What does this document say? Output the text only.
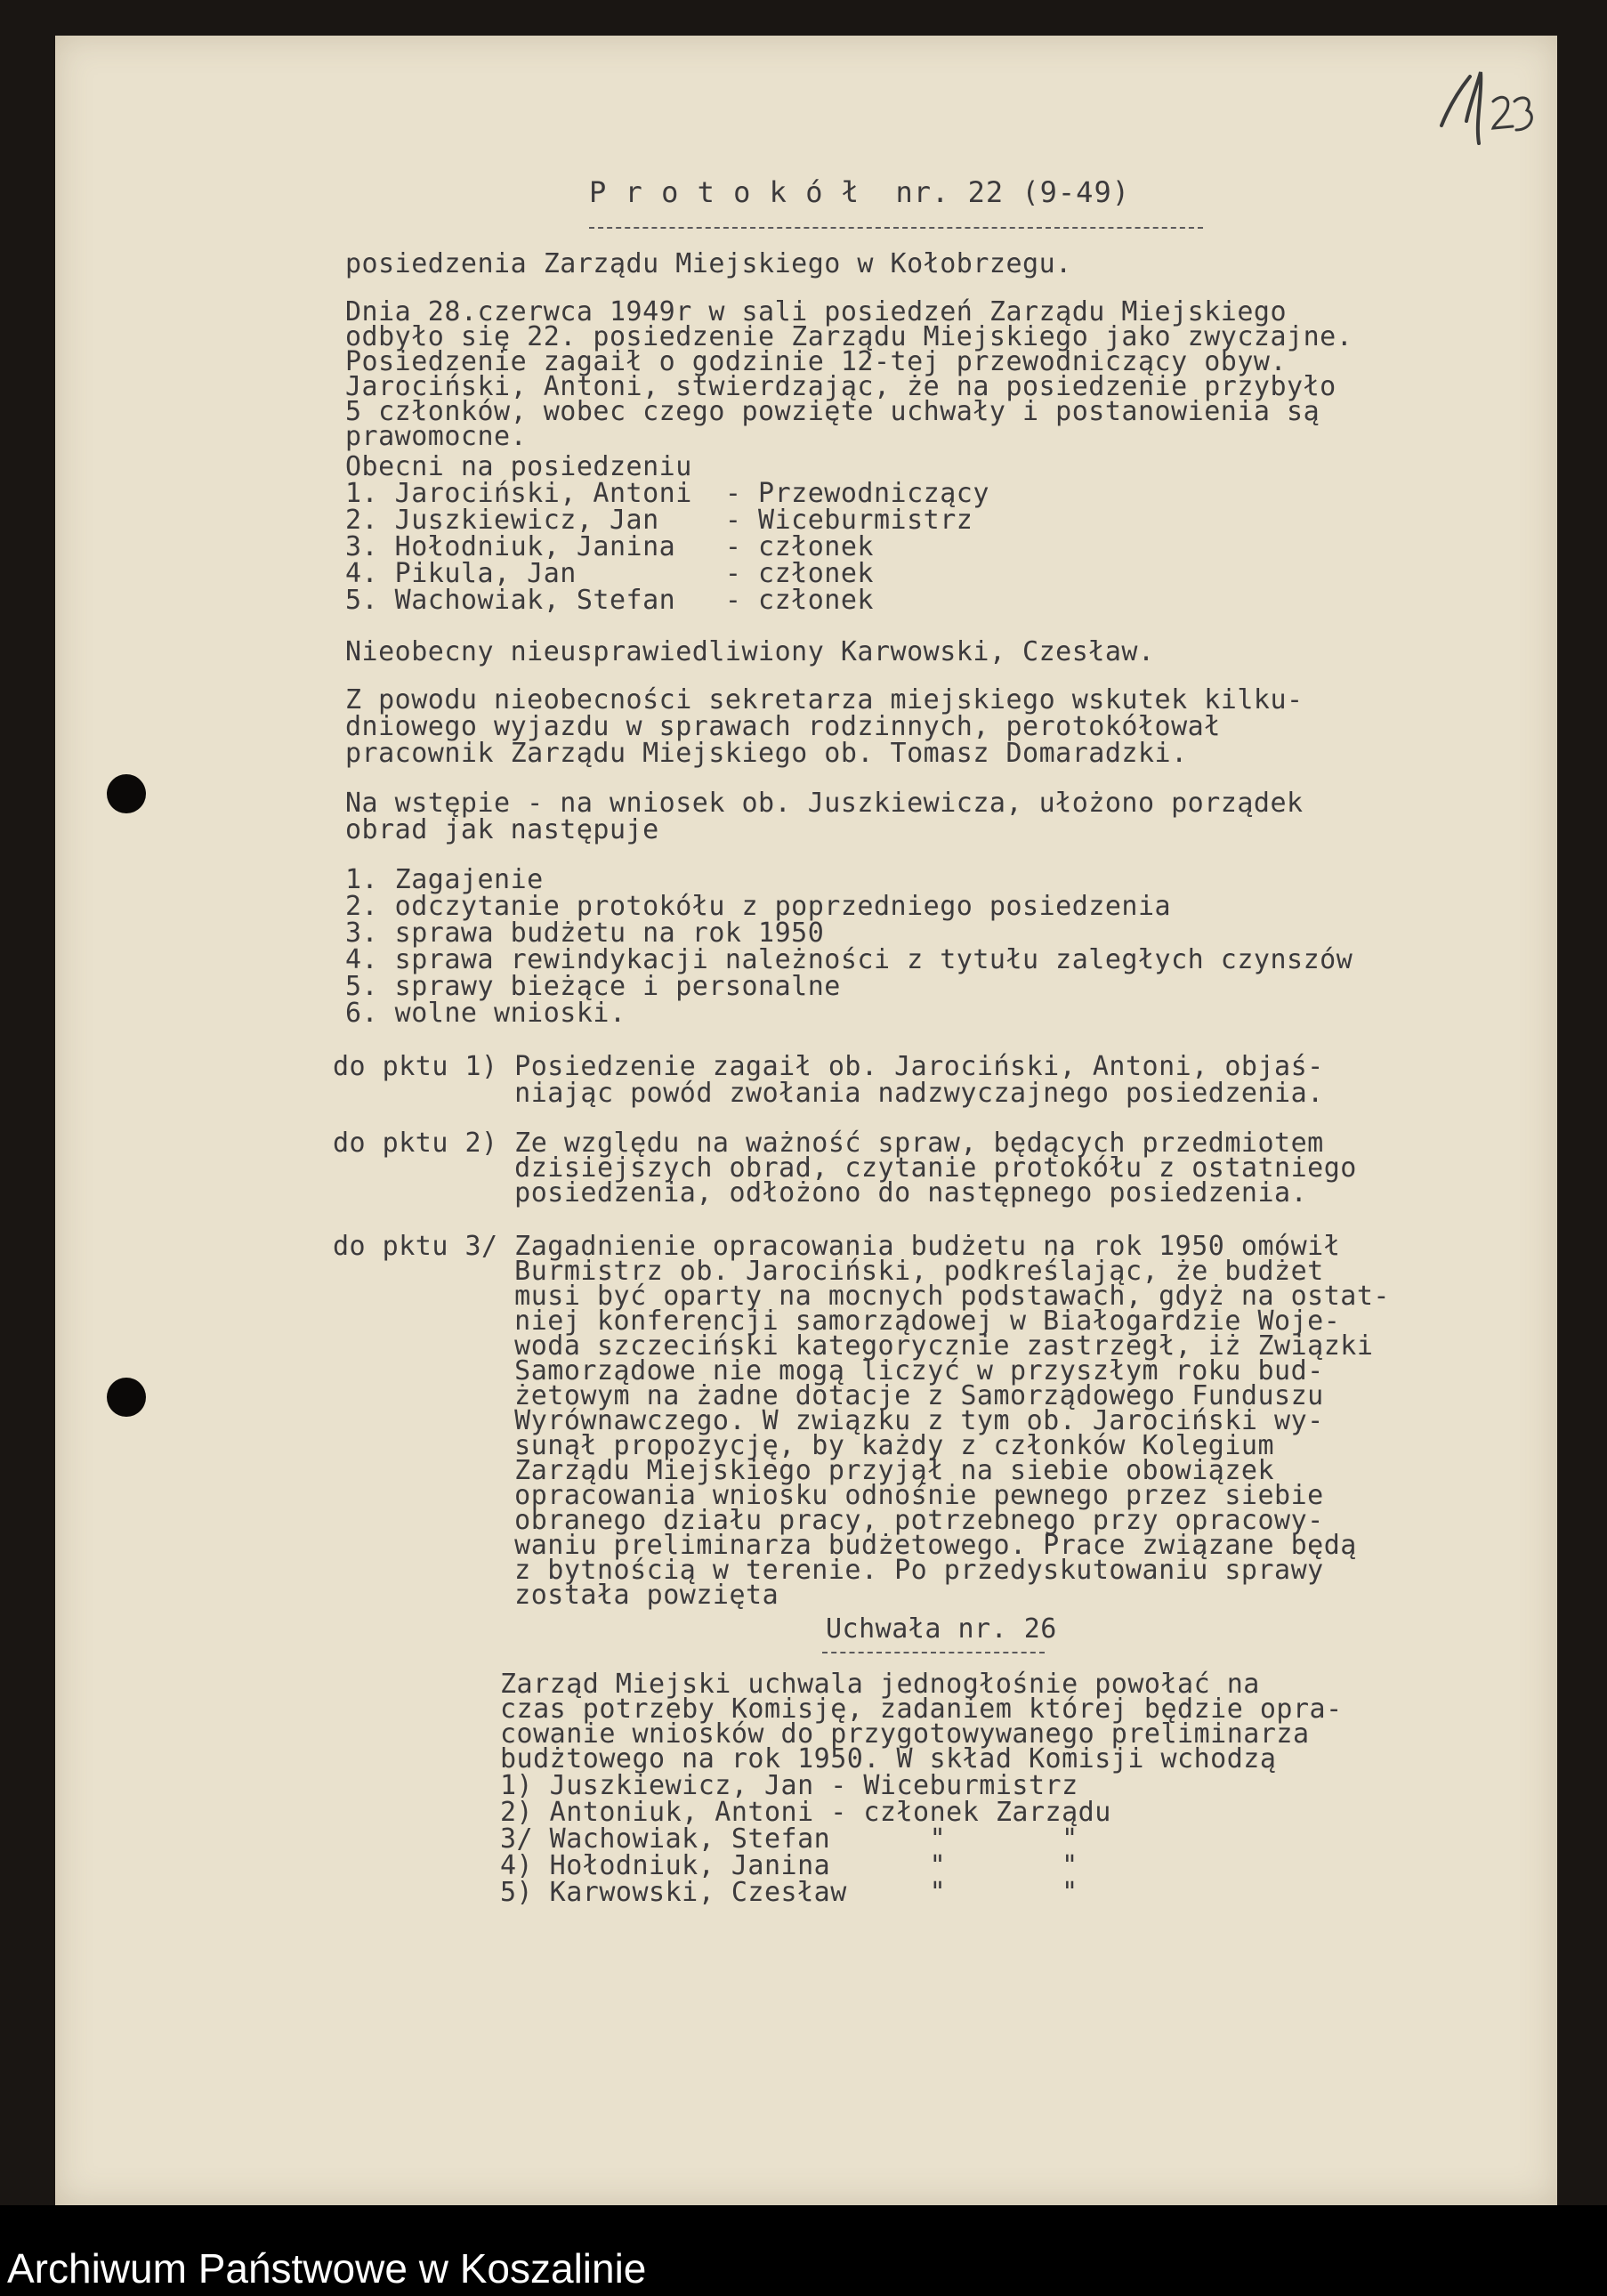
P r o t o k ó ł  nr. 22 (9-49)
posiedzenia Zarządu Miejskiego w Kołobrzegu.
Dnia 28.czerwca 1949r w sali posiedzeń Zarządu Miejskiego
odbyło się 22. posiedzenie Zarządu Miejskiego jako zwyczajne.
Posiedzenie zagaił o godzinie 12-tej przewodniczący obyw.
Jarociński, Antoni, stwierdzając, że na posiedzenie przybyło
5 członków, wobec czego powzięte uchwały i postanowienia są
prawomocne.
Obecni na posiedzeniu
1. Jarociński, Antoni  - Przewodniczący
2. Juszkiewicz, Jan    - Wiceburmistrz
3. Hołodniuk, Janina   - członek
4. Pikula, Jan         - członek
5. Wachowiak, Stefan   - członek
Nieobecny nieusprawiedliwiony Karwowski, Czesław.
Z powodu nieobecności sekretarza miejskiego wskutek kilku-
dniowego wyjazdu w sprawach rodzinnych, perotokółował
pracownik Zarządu Miejskiego ob. Tomasz Domaradzki.
Na wstępie - na wniosek ob. Juszkiewicza, ułożono porządek
obrad jak następuje
1. Zagajenie
2. odczytanie protokółu z poprzedniego posiedzenia
3. sprawa budżetu na rok 1950
4. sprawa rewindykacji należności z tytułu zaległych czynszów
5. sprawy bieżące i personalne
6. wolne wnioski.
do pktu 1) Posiedzenie zagaił ob. Jarociński, Antoni, objaś-
niając powód zwołania nadzwyczajnego posiedzenia.
do pktu 2) Ze względu na ważność spraw, będących przedmiotem
dzisiejszych obrad, czytanie protokółu z ostatniego
posiedzenia, odłożono do następnego posiedzenia.
do pktu 3/ Zagadnienie opracowania budżetu na rok 1950 omówił
Burmistrz ob. Jarociński, podkreślając, że budżet
musi być oparty na mocnych podstawach, gdyż na ostat-
niej konferencji samorządowej w Białogardzie Woje-
woda szczeciński kategorycznie zastrzegł, iż Związki
Samorządowe nie mogą liczyć w przyszłym roku bud-
żetowym na żadne dotacje z Samorządowego Funduszu
Wyrównawczego. W związku z tym ob. Jarociński wy-
sunął propozycję, by każdy z członków Kolegium
Zarządu Miejskiego przyjął na siebie obowiązek
opracowania wniosku odnośnie pewnego przez siebie
obranego działu pracy, potrzebnego przy opracowy-
waniu preliminarza budżetowego. Prace związane będą
z bytnością w terenie. Po przedyskutowaniu sprawy
została powzięta
Uchwała nr. 26
Zarząd Miejski uchwala jednogłośnie powołać na
czas potrzeby Komisję, zadaniem której będzie opra-
cowanie wniosków do przygotowywanego preliminarza
budżtowego na rok 1950. W skład Komisji wchodzą
1) Juszkiewicz, Jan - Wiceburmistrz
2) Antoniuk, Antoni - członek Zarządu
3/ Wachowiak, Stefan      "       "
4) Hołodniuk, Janina      "       "
5) Karwowski, Czesław     "       "
Archiwum Państwowe w Koszalinie
